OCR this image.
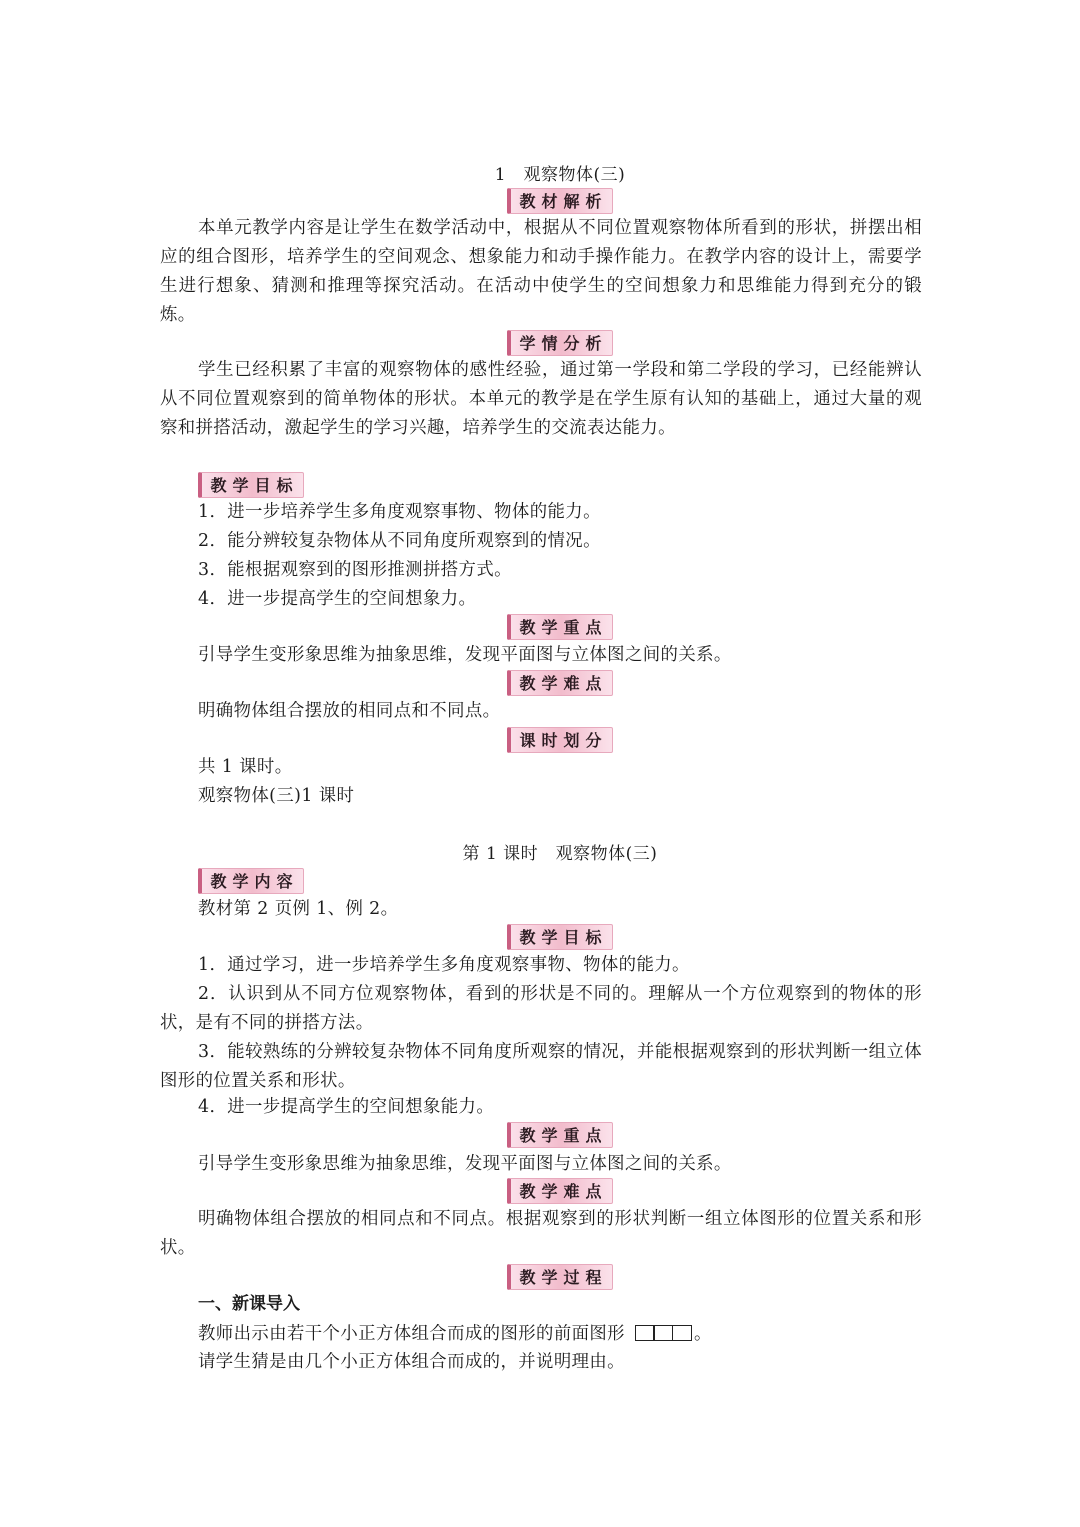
1　观察物体(三)
教材解析

本单元教学内容是让学生在数学活动中，根据从不同位置观察物体所看到的形状，拼摆出相应的组合图形，培养学生的空间观念、想象能力和动手操作能力。在教学内容的设计上，需要学生进行想象、猜测和推理等探究活动。在活动中使学生的空间想象力和思维能力得到充分的锻炼。

学情分析

学生已经积累了丰富的观察物体的感性经验，通过第一学段和第二学段的学习，已经能辨认从不同位置观察到的简单物体的形状。本单元的教学是在学生原有认知的基础上，通过大量的观察和拼搭活动，激起学生的学习兴趣，培养学生的交流表达能力。

教学目标

1．进一步培养学生多角度观察事物、物体的能力。

2．能分辨较复杂物体从不同角度所观察到的情况。

3．能根据观察到的图形推测拼搭方式。

4．进一步提高学生的空间想象力。

教学重点

引导学生变形象思维为抽象思维，发现平面图与立体图之间的关系。

教学难点

明确物体组合摆放的相同点和不同点。

课时划分

共 1 课时。

观察物体(三)1 课时

第 1 课时　观察物体(三)
教学内容

教材第 2 页例 1、例 2。

教学目标

1．通过学习，进一步培养学生多角度观察事物、物体的能力。

2．认识到从不同方位观察物体，看到的形状是不同的。理解从一个方位观察到的物体的形状，是有不同的拼搭方法。

3．能较熟练的分辨较复杂物体不同角度所观察的情况，并能根据观察到的形状判断一组立体图形的位置关系和形状。

4．进一步提高学生的空间想象能力。

教学重点

引导学生变形象思维为抽象思维，发现平面图与立体图之间的关系。

教学难点

明确物体组合摆放的相同点和不同点。根据观察到的形状判断一组立体图形的位置关系和形状。

教学过程
一、新课导入

教师出示由若干个小正方体组合而成的图形的前面图形	。

请学生猜是由几个小正方体组合而成的，并说明理由。
